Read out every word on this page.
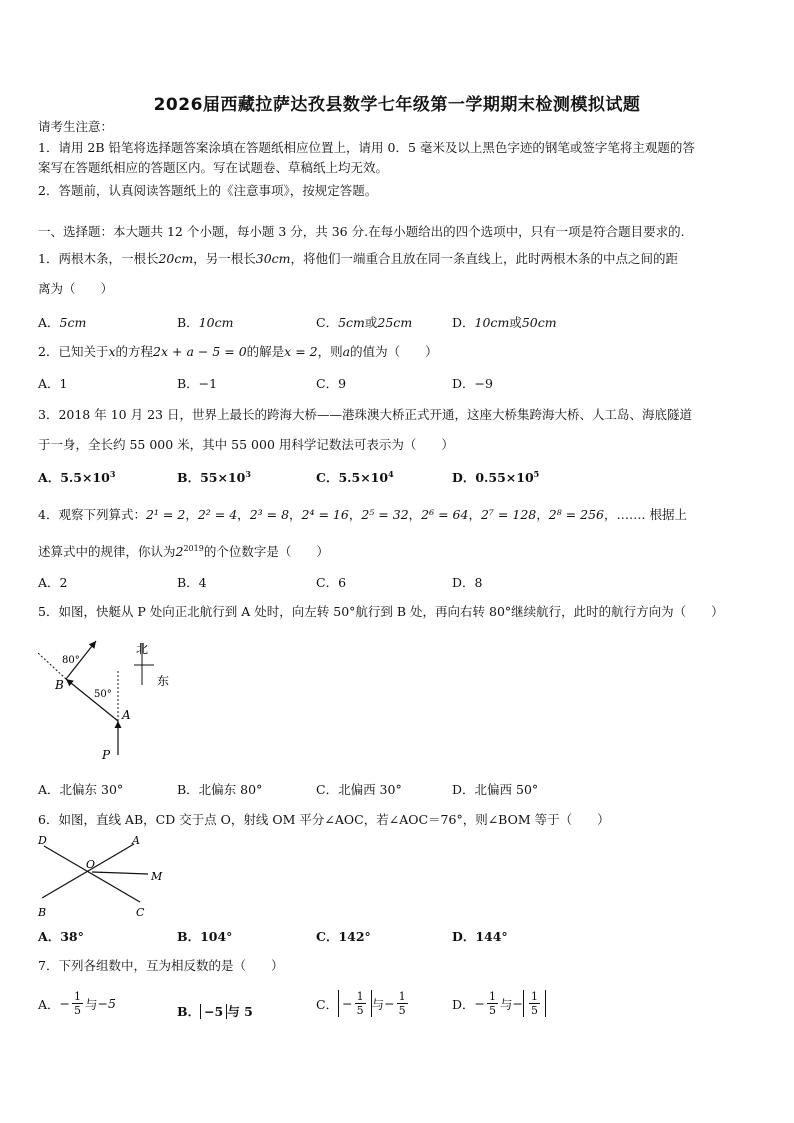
2026届西藏拉萨达孜县数学七年级第一学期期末检测模拟试题
请考生注意：
1．请用 2B 铅笔将选择题答案涂填在答题纸相应位置上，请用 0．5 毫米及以上黑色字迹的钢笔或签字笔将主观题的答
案写在答题纸相应的答题区内。写在试题卷、草稿纸上均无效。
2．答题前，认真阅读答题纸上的《注意事项》，按规定答题。
一、选择题：本大题共 12 个小题，每小题 3 分，共 36 分.在每小题给出的四个选项中，只有一项是符合题目要求的.
1．两根木条，一根长20cm，另一根长30cm，将他们一端重合且放在同一条直线上，此时两根木条的中点之间的距
离为（　　）
A．5cm	B．10cm	C．5cm或25cm	D．10cm或50cm
2．已知关于x的方程2x + a − 5 = 0的解是x = 2，则a的值为（　　）
A．1	B．−1	C．9	D．−9
3．2018 年 10 月 23 日，世界上最长的跨海大桥——港珠澳大桥正式开通，这座大桥集跨海大桥、人工岛、海底隧道
于一身，全长约 55 000 米，其中 55 000 用科学记数法可表示为（　　）
A．$5.5\times 10^3$	B．$55\times 10^3$	C．$5.5\times 10^4$	D．$0.55\times 10^5$
4．观察下列算式：2¹ = 2，2² = 4，2³ = 8，2⁴ = 16，2⁵ = 32，2⁶ = 64，2⁷ = 128，2⁸ = 256，……. 根据上
述算式中的规律，你认为$2^{2019}$的个位数字是（　　）
A．2	B．4	C．6	D．8
5．如图，快艇从 P 处向正北航行到 A 处时，向左转 50°航行到 B 处，再向右转 80°继续航行，此时的航行方向为（　　）
北
东
80°
50°
B
A
P
A．北偏东 30°	B．北偏东 80°	C．北偏西 30°	D．北偏西 50°
6．如图，直线 AB，CD 交于点 O，射线 OM 平分∠AOC，若∠AOC＝76°，则∠BOM 等于（　　）
D	A
O
M
B	C
A．38°	B．104°	C．142°	D．144°
7．下列各组数中，互为相反数的是（　　）
A． − $\frac{1}{5}$ 与 −5
B． −5 与 5	C． − $\frac{1}{5}$ 与 − $\frac{1}{5}$	D． − $\frac{1}{5}$ 与 − $\frac{1}{5}$
